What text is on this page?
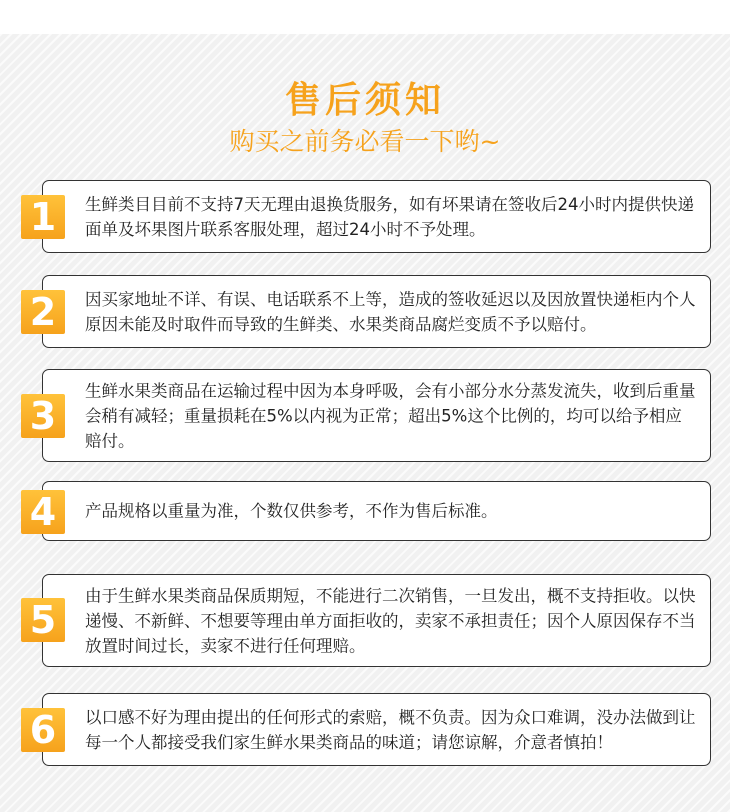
售后须知

购买之前务必看一下哟~

生鲜类目目前不支持7天无理由退换货服务，如有坏果请在签收后24小时内提供快递面单及坏果图片联系客服处理，超过24小时不予处理。

1

因买家地址不详、有误、电话联系不上等，造成的签收延迟以及因放置快递柜内个人原因未能及时取件而导致的生鲜类、水果类商品腐烂变质不予以赔付。

2

生鲜水果类商品在运输过程中因为本身呼吸，会有小部分水分蒸发流失，收到后重量会稍有减轻；重量损耗在5%以内视为正常；超出5%这个比例的，均可以给予相应赔付。

3

产品规格以重量为准，个数仅供参考，不作为售后标准。

4

由于生鲜水果类商品保质期短，不能进行二次销售，一旦发出，概不支持拒收。以快递慢、不新鲜、不想要等理由单方面拒收的，卖家不承担责任；因个人原因保存不当放置时间过长，卖家不进行任何理赔。

5

以口感不好为理由提出的任何形式的索赔，概不负责。因为众口难调，没办法做到让每一个人都接受我们家生鲜水果类商品的味道；请您谅解，介意者慎拍！

6
